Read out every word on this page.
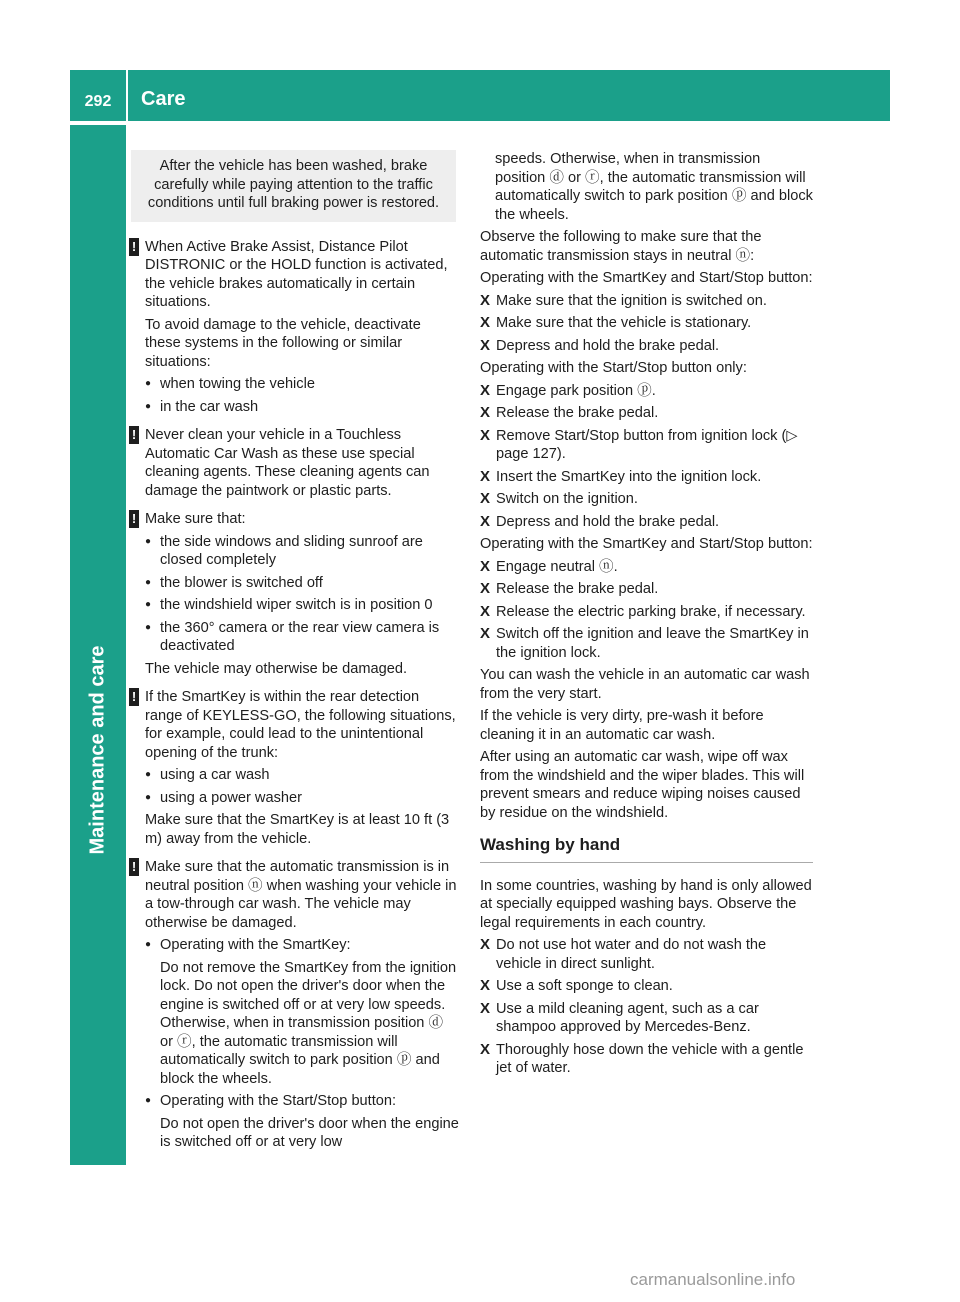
292	Care
Maintenance and care
After the vehicle has been washed, brake carefully while paying attention to the traffic conditions until full braking power is restored.
! When Active Brake Assist, Distance Pilot DISTRONIC or the HOLD function is activated, the vehicle brakes automatically in certain situations.
To avoid damage to the vehicle, deactivate these systems in the following or similar situations:
● when towing the vehicle
● in the car wash
! Never clean your vehicle in a Touchless Automatic Car Wash as these use special cleaning agents. These cleaning agents can damage the paintwork or plastic parts.
! Make sure that:
● the side windows and sliding sunroof are closed completely
● the blower is switched off
● the windshield wiper switch is in position 0
● the 360° camera or the rear view camera is deactivated
The vehicle may otherwise be damaged.
! If the SmartKey is within the rear detection range of KEYLESS-GO, the following situations, for example, could lead to the unintentional opening of the trunk:
● using a car wash
● using a power washer
Make sure that the SmartKey is at least 10 ft (3 m) away from the vehicle.
! Make sure that the automatic transmission is in neutral position ⓝ when washing your vehicle in a tow-through car wash. The vehicle may otherwise be damaged.
● Operating with the SmartKey:
Do not remove the SmartKey from the ignition lock. Do not open the driver's door when the engine is switched off or at very low speeds. Otherwise, when in transmission position ⓓ or ⓡ, the automatic transmission will automatically switch to park position ⓟ and block the wheels.
● Operating with the Start/Stop button:
Do not open the driver's door when the engine is switched off or at very low
speeds. Otherwise, when in transmission position ⓓ or ⓡ, the automatic transmission will automatically switch to park position ⓟ and block the wheels.
Observe the following to make sure that the automatic transmission stays in neutral ⓝ:
Operating with the SmartKey and Start/Stop button:
X Make sure that the ignition is switched on.
X Make sure that the vehicle is stationary.
X Depress and hold the brake pedal.
Operating with the Start/Stop button only:
X Engage park position ⓟ.
X Release the brake pedal.
X Remove Start/Stop button from ignition lock (▷ page 127).
X Insert the SmartKey into the ignition lock.
X Switch on the ignition.
X Depress and hold the brake pedal.
Operating with the SmartKey and Start/Stop button:
X Engage neutral ⓝ.
X Release the brake pedal.
X Release the electric parking brake, if necessary.
X Switch off the ignition and leave the SmartKey in the ignition lock.
You can wash the vehicle in an automatic car wash from the very start.
If the vehicle is very dirty, pre-wash it before cleaning it in an automatic car wash.
After using an automatic car wash, wipe off wax from the windshield and the wiper blades. This will prevent smears and reduce wiping noises caused by residue on the windshield.
Washing by hand
In some countries, washing by hand is only allowed at specially equipped washing bays. Observe the legal requirements in each country.
X Do not use hot water and do not wash the vehicle in direct sunlight.
X Use a soft sponge to clean.
X Use a mild cleaning agent, such as a car shampoo approved by Mercedes-Benz.
X Thoroughly hose down the vehicle with a gentle jet of water.
carmanualsonline.info
